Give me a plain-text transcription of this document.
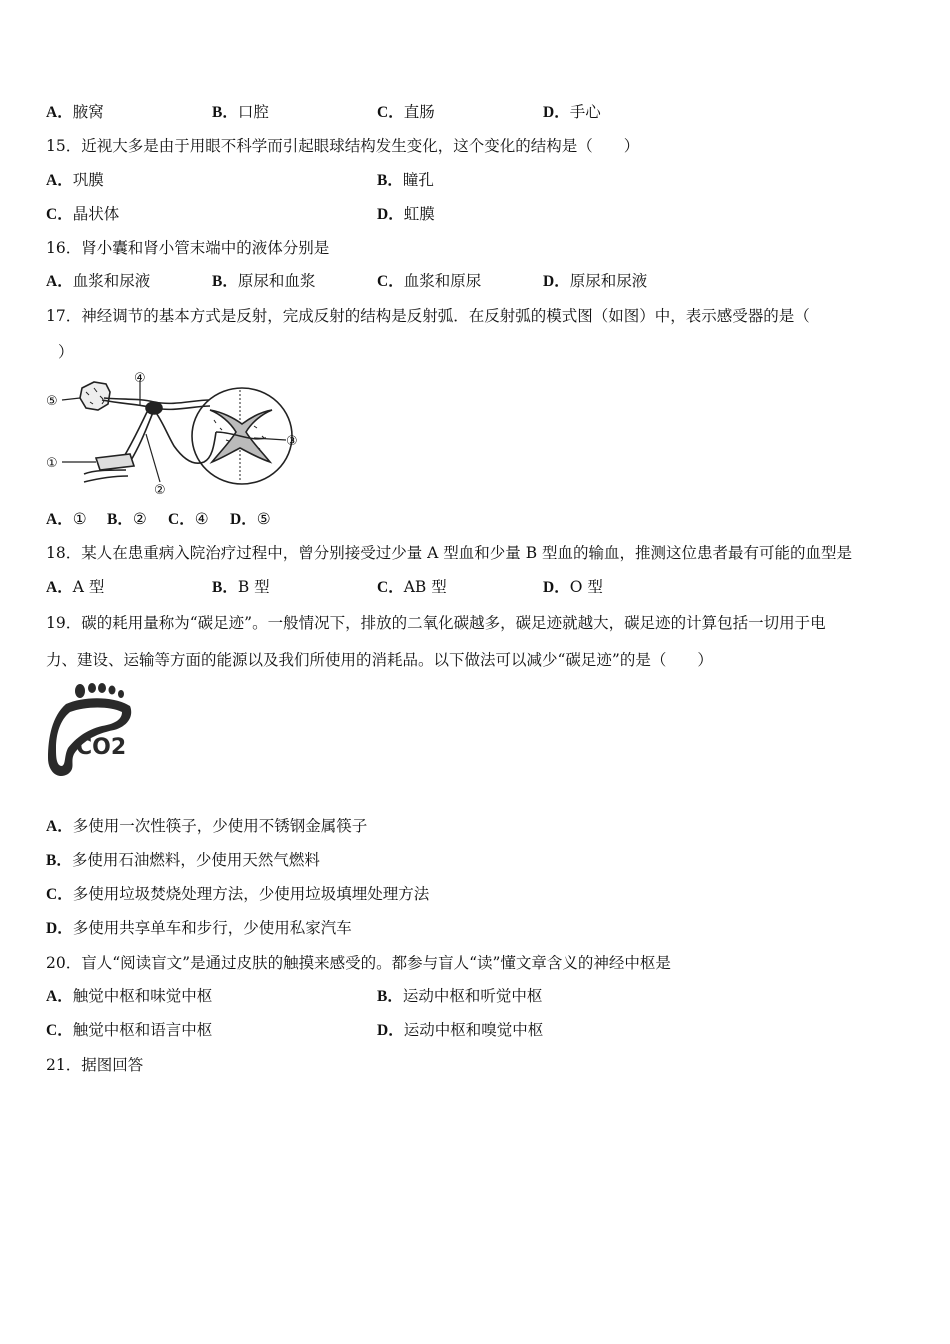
A．腋窝	B．口腔	C．直肠	D．手心
15．近视大多是由于用眼不科学而引起眼球结构发生变化，这个变化的结构是（　　）
A．巩膜	B．瞳孔
C．晶状体	D．虹膜
16．肾小囊和肾小管末端中的液体分别是
A．血浆和尿液	B．原尿和血浆	C．血浆和原尿	D．原尿和尿液
17．神经调节的基本方式是反射，完成反射的结构是反射弧．在反射弧的模式图（如图）中，表示感受器的是（
）
⑤
④
③
①
②
A．① B．② C．④ D．⑤
18．某人在患重病入院治疗过程中，曾分别接受过少量 A 型血和少量 B 型血的输血，推测这位患者最有可能的血型是
A．A 型	B．B 型	C．AB 型	D．O 型
19．碳的耗用量称为“碳足迹”。一般情况下，排放的二氧化碳越多，碳足迹就越大，碳足迹的计算包括一切用于电
力、建设、运输等方面的能源以及我们所使用的消耗品。以下做法可以减少“碳足迹”的是（　　）
CO2
A．多使用一次性筷子，少使用不锈钢金属筷子
B．多使用石油燃料，少使用天然气燃料
C．多使用垃圾焚烧处理方法，少使用垃圾填埋处理方法
D．多使用共享单车和步行，少使用私家汽车
20．盲人“阅读盲文”是通过皮肤的触摸来感受的。都参与盲人“读”懂文章含义的神经中枢是
A．触觉中枢和味觉中枢	B．运动中枢和听觉中枢
C．触觉中枢和语言中枢	D．运动中枢和嗅觉中枢
21．据图回答
